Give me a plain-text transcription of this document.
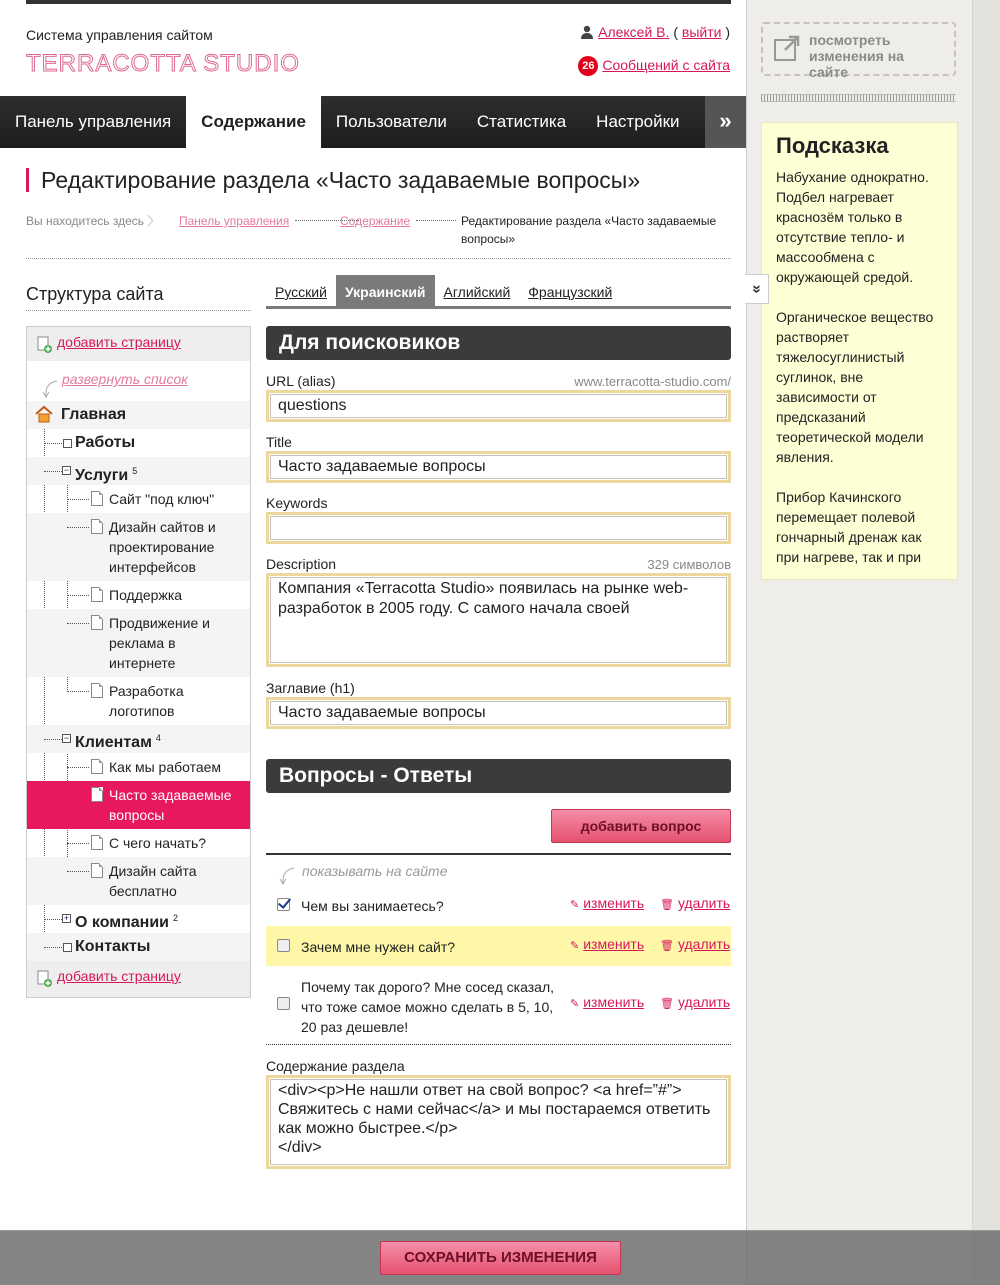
Система управления сайтом
TERRACOTTA STUDIO
Алексей В. ( выйти )
26 Сообщений с сайта
Панель управления	Содержание	Пользователи	Статистика	Настройки	»
посмотреть изменения на сайте
Подсказка

Набухание однократно. Подбел нагревает краснозём только в отсутствие тепло- и массообмена с окружающей средой.

Органическое вещество растворяет тяжелосуглинистый суглинок, вне зависимости от предсказаний теоретической модели явления.

Прибор Качинского перемещает полевой гончарный дренаж как при нагреве, так и при

«
Редактирование раздела «Часто задаваемые вопросы»
Вы находитесь здесь 〉 Панель управления	Содержание	Редактирование раздела «Часто задаваемые вопросы»
Структура сайта
добавить страницу
развернуть список
Главная
Работы
− Услуги $^5$
Сайт "под ключ"
Дизайн сайтов и проектирование интерфейсов
Поддержка
Продвижение и реклама в интернете
Разработка логотипов
− Клиентам $^4$
Как мы работаем
Часто задаваемые вопросы
С чего начать?
Дизайн сайта бесплатно
+ О компании $^2$
Контакты
добавить страницу
Русский	Украинский	Аглийский	Французский
Для поисковиков
URL (alias)	www.terracotta-studio.com/
questions
Title
Часто задаваемые вопросы
Keywords
Description	329 символов
Компания «Terracotta Studio» появилась на рынке web-разработок в 2005 году. С самого начала своей
Заглавие (h1)
Часто задаваемые вопросы
Вопросы - Ответы
добавить вопрос
показывать на сайте
Чем вы занимаетесь?	✎ изменить 🗑 удалить
Зачем мне нужен сайт?	✎ изменить 🗑 удалить
Почему так дорого? Мне сосед сказал, что тоже самое можно сделать в 5, 10, 20 раз дешевле!
✎ изменить 🗑 удалить
Содержание раздела
<div><p>Не нашли ответ на свой вопрос? <a href=”#”> Свяжитесь с нами сейчас</a> и мы постараемся ответить как можно быстрее.</p>
</div>
СОХРАНИТЬ ИЗМЕНЕНИЯ
